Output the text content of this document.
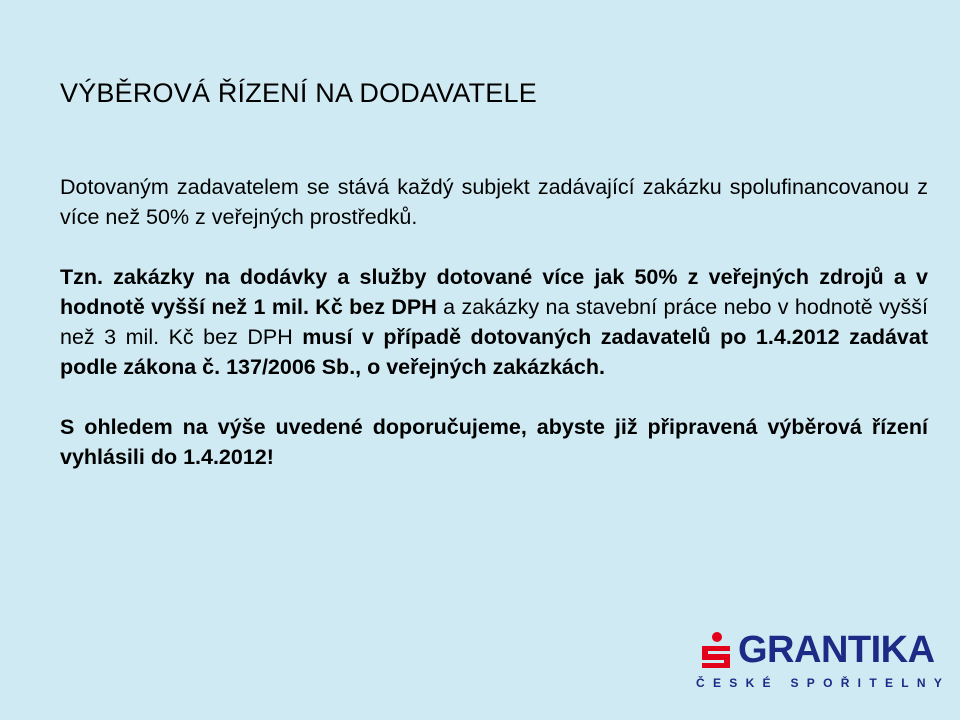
VÝBĚROVÁ ŘÍZENÍ NA DODAVATELE

Dotovaným zadavatelem se stává každý subjekt zadávající zakázku spolufinancovanou z více než 50% z veřejných prostředků.

Tzn. zakázky na dodávky a služby dotované více jak 50% z veřejných zdrojů a v hodnotě vyšší než 1 mil. Kč bez DPH a zakázky na stavební práce nebo v hodnotě vyšší než 3 mil. Kč bez DPH musí v případě dotovaných zadavatelů po 1.4.2012 zadávat podle zákona č. 137/2006 Sb., o veřejných zakázkách.

S ohledem na výše uvedené doporučujeme, abyste již připravená výběrová řízení vyhlásili do 1.4.2012!

GRANTIKA
ČESKÉ SPOŘITELNY
